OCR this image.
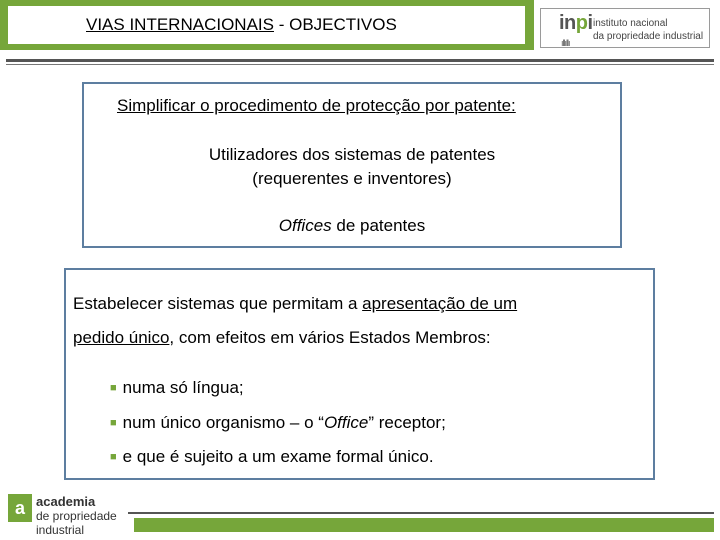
VIAS INTERNACIONAIS - OBJECTIVOS	inpi
ıllıllı
instituto nacional
da propriedade industrial
Simplificar o procedimento de protecção por patente:
Utilizadores dos sistemas de patentes
(requerentes e inventores)
Offices de patentes
Estabelecer sistemas que permitam a apresentação de um
pedido único, com efeitos em vários Estados Membros:
■ numa só língua;
■ num único organismo – o “Office” receptor;
■ e que é sujeito a um exame formal único.
a academia
de propriedade
industrial
